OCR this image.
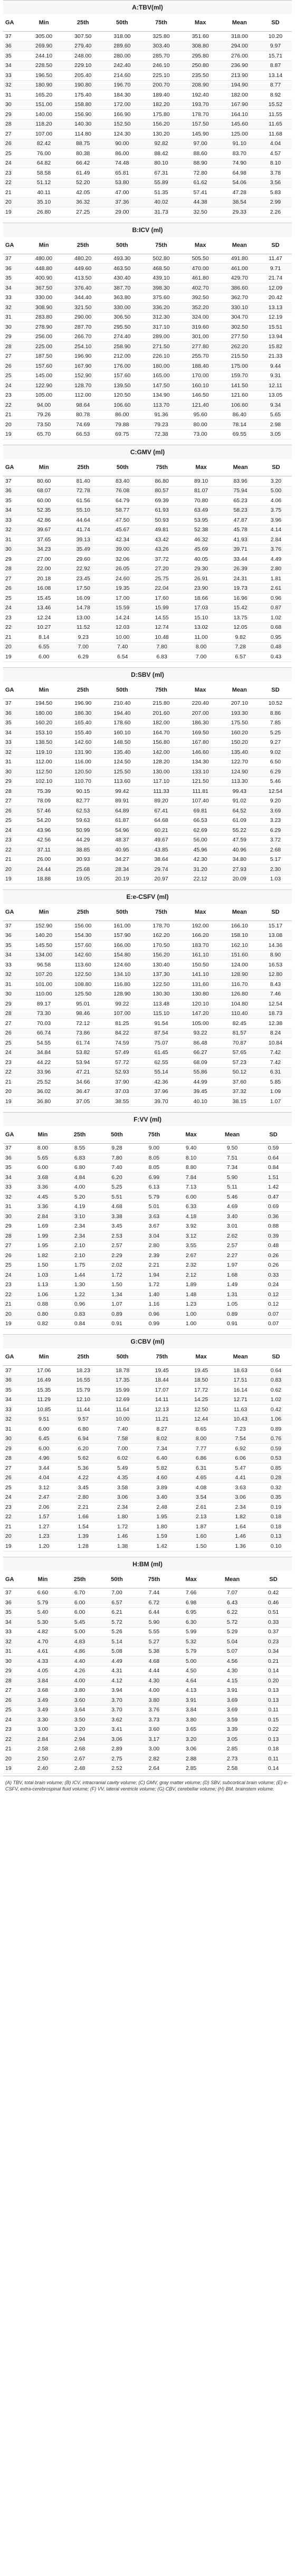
A:TBV(ml)
GA	Min	25th	50th	75th	Max	Mean	SD
37	305.00	307.50	318.00	325.80	351.60	318.00	10.20
36	269.90	279.40	289.60	303.40	308.80	294.00	9.97
35	244.10	248.00	280.00	285.70	295.80	276.00	15.71
34	228.50	229.10	242.40	246.10	250.80	236.90	8.87
33	196.50	205.40	214.60	225.10	235.50	213.90	13.14
32	180.90	190.80	196.70	200.70	208.90	194.90	8.77
31	165.20	175.40	184.30	189.40	192.40	182.00	8.92
30	151.00	158.80	172.00	182.20	193.70	167.90	15.52
29	140.00	156.90	166.90	175.80	178.70	164.10	11.55
28	118.20	140.30	152.50	156.20	157.50	145.60	11.65
27	107.00	114.80	124.30	130.20	145.90	125.00	11.68
26	82.42	88.75	90.00	92.82	97.00	91.10	4.04
25	76.00	80.38	86.00	88.42	88.60	83.70	4.57
24	64.82	66.42	74.48	80.10	88.90	74.90	8.10
23	58.58	61.49	65.81	67.31	72.80	64.98	3.78
22	51.12	52.20	53.80	55.89	61.62	54.06	3.56
21	40.11	42.05	47.00	51.35	57.41	47.28	5.83
20	35.10	36.32	37.36	40.02	44.38	38.54	2.99
19	26.80	27.25	29.00	31.73	32.50	29.33	2.26
B:ICV (ml)
GA	Min	25th	50th	75th	Max	Mean	SD
37	480.00	480.20	493.30	502.80	505.50	491.80	11.47
36	448.80	449.60	463.50	468.50	470.00	461.00	9.71
35	400.90	413.50	430.40	439.10	461.80	429.70	21.74
34	367.50	376.40	387.70	398.30	402.70	386.60	12.09
33	330.00	344.40	363.80	375.60	392.50	362.70	20.42
32	308.90	321.50	330.00	336.20	352.20	330.10	13.13
31	283.80	290.00	306.50	312.30	324.00	304.70	12.19
30	278.90	287.70	295.50	317.10	319.60	302.50	15.51
29	256.00	266.70	274.40	289.00	301.00	277.50	13.94
28	225.00	254.10	258.90	271.50	277.80	262.20	15.82
27	187.50	196.90	212.00	226.10	255.70	215.50	21.33
26	157.60	167.90	176.00	180.00	188.40	175.00	9.44
25	145.00	152.90	157.60	165.00	170.00	159.70	9.31
24	122.90	128.70	139.50	147.50	160.10	141.50	12.11
23	105.00	112.00	120.50	134.90	146.50	121.60	13.05
22	94.00	98.64	106.60	113.70	121.40	106.60	9.34
21	79.26	80.78	86.00	91.36	95.60	86.40	5.65
20	73.50	74.69	79.88	79.23	80.00	78.14	2.98
19	65.70	66.53	69.75	72.38	73.00	69.55	3.05
C:GMV (ml)
GA	Min	25th	50th	75th	Max	Mean	SD
37	80.60	81.40	83.40	86.80	89.10	83.96	3.20
36	68.07	72.78	76.08	80.57	81.07	75.94	5.00
35	60.00	61.56	64.79	69.39	70.80	65.23	4.06
34	52.35	55.10	58.77	61.93	63.49	58.23	3.75
33	42.86	44.64	47.50	50.93	53.95	47.87	3.96
32	39.67	41.74	45.67	49.81	52.38	45.78	4.14
31	37.65	39.13	42.34	43.42	46.32	41.93	2.84
30	34.23	35.49	39.00	43.26	45.69	39.71	3.76
29	27.00	29.60	32.06	37.72	40.05	33.44	4.49
28	22.00	22.92	26.05	27.20	29.30	26.39	2.80
27	20.18	23.45	24.60	25.75	26.91	24.31	1.81
26	16.08	17.50	19.35	22.04	23.90	19.73	2.61
25	15.45	16.09	17.00	17.60	18.66	16.96	0.96
24	13.46	14.78	15.59	15.99	17.03	15.42	0.87
23	12.24	13.00	14.24	14.55	15.10	13.75	1.02
22	10.27	11.52	12.03	12.74	13.02	12.05	0.68
21	8.14	9.23	10.00	10.48	11.00	9.82	0.95
20	6.55	7.00	7.40	7.80	8.00	7.28	0.48
19	6.00	6.29	6.54	6.83	7.00	6.57	0.43
D:SBV (ml)
GA	Min	25th	50th	75th	Max	Mean	SD
37	194.50	196.90	210.40	215.80	220.40	207.10	10.52
36	180.00	186.30	194.40	201.60	207.00	193.30	8.86
35	160.20	165.40	178.60	182.00	186.30	175.50	7.85
34	153.10	155.40	160.10	164.70	169.50	160.20	5.25
33	138.50	142.60	148.50	156.80	167.80	150.20	9.27
32	119.10	131.90	135.40	142.00	146.60	135.40	9.02
31	112.00	116.00	124.50	128.20	134.30	122.70	6.50
30	112.50	120.50	125.50	130.00	133.10	124.90	6.29
29	102.10	110.70	113.60	117.10	121.50	113.30	5.46
28	75.39	90.15	99.42	111.33	111.81	99.43	12.54
27	78.09	82.77	89.91	89.20	107.40	91.02	9.20
26	57.46	62.53	64.89	67.41	69.81	64.52	3.69
25	54.20	59.63	61.87	64.68	66.53	61.09	3.23
24	43.96	50.99	54.96	60.21	62.69	55.22	6.29
23	42.56	44.29	48.37	49.67	56.00	47.59	3.72
22	37.11	38.85	40.95	43.85	45.96	40.96	2.68
21	26.00	30.93	34.27	38.64	42.30	34.80	5.17
20	24.44	25.68	28.34	29.74	31.20	27.93	2.30
19	18.88	19.05	20.19	20.97	22.12	20.09	1.03
E:e-CSFV (ml)
GA	Min	25th	50th	75th	Max	Mean	SD
37	152.90	156.00	161.00	178.70	192.00	166.10	15.17
36	140.20	154.30	157.90	162.20	166.20	158.10	13.08
35	145.50	157.60	166.00	170.50	183.70	162.10	14.36
34	134.00	142.60	154.80	156.20	161.10	151.60	8.90
33	96.58	113.60	124.60	130.40	150.50	124.00	16.53
32	107.20	122.50	134.10	137.30	141.10	128.90	12.80
31	101.00	108.80	116.80	122.50	131.60	116.70	8.43
30	110.00	125.50	128.90	130.30	130.80	126.80	7.46
29	89.17	95.01	99.22	113.48	120.10	104.80	12.54
28	73.30	98.46	107.00	115.10	147.20	110.40	18.73
27	70.03	72.12	81.25	91.54	105.00	82.45	12.38
26	66.74	73.86	84.22	87.54	93.22	81.57	8.24
25	54.55	61.74	74.59	75.07	86.48	70.87	10.84
24	34.84	53.82	57.49	61.45	66.27	57.65	7.42
23	44.22	53.94	57.72	62.55	68.09	57.23	7.42
22	33.96	47.21	52.93	55.14	55.86	50.12	6.31
21	25.52	34.66	37.90	42.36	44.99	37.60	5.85
20	36.02	36.47	37.03	37.96	39.45	37.32	1.09
19	36.80	37.05	38.55	39.70	40.10	38.15	1.07
F:VV (ml)
GA	Min	25th	50th	75th	Max	Mean	SD
37	8.00	8.55	9.28	9.00	9.40	9.50	0.59
36	5.65	6.83	7.80	8.05	8.10	7.51	0.64
35	6.00	6.80	7.40	8.05	8.80	7.34	0.84
34	3.68	4.84	6.20	6.99	7.84	5.90	1.51
33	3.36	4.00	5.25	6.13	7.13	5.11	1.42
32	4.45	5.20	5.51	5.79	6.00	5.46	0.47
31	3.36	4.19	4.68	5.01	6.33	4.69	0.69
30	2.84	3.10	3.38	3.63	4.18	3.40	0.36
29	1.69	2.34	3.45	3.67	3.92	3.01	0.88
28	1.99	2.34	2.53	3.04	3.12	2.62	0.39
27	1.95	2.10	2.57	2.80	3.55	2.57	0.48
26	1.82	2.10	2.29	2.39	2.67	2.27	0.26
25	1.50	1.75	2.02	2.21	2.32	1.97	0.26
24	1.03	1.44	1.72	1.94	2.12	1.68	0.33
23	1.13	1.30	1.50	1.72	1.89	1.49	0.24
22	1.06	1.22	1.34	1.40	1.48	1.31	0.12
21	0.88	0.96	1.07	1.16	1.23	1.05	0.12
20	0.80	0.83	0.89	0.96	1.00	0.89	0.07
19	0.82	0.84	0.91	0.99	1.00	0.91	0.07
G:CBV (ml)
GA	Min	25th	50th	75th	Max	Mean	SD
37	17.06	18.23	18.78	19.45	19.45	18.63	0.64
36	16.49	16.55	17.35	18.44	18.50	17.51	0.83
35	15.35	15.79	15.99	17.07	17.72	16.14	0.62
34	11.29	12.10	12.69	14.11	14.25	12.71	1.02
33	10.85	11.44	11.64	12.13	12.50	11.63	0.42
32	9.51	9.57	10.00	11.21	12.44	10.43	1.06
31	6.00	6.80	7.40	8.27	8.65	7.23	0.89
30	6.45	6.94	7.58	8.02	8.00	7.54	0.76
29	6.00	6.20	7.00	7.34	7.77	6.92	0.59
28	4.96	5.62	6.02	6.40	6.86	6.06	0.53
27	3.44	5.36	5.49	5.82	6.31	5.47	0.85
26	4.04	4.22	4.35	4.60	4.65	4.41	0.28
25	3.12	3.45	3.58	3.89	4.08	3.63	0.32
24	2.47	2.80	3.06	3.40	3.54	3.06	0.35
23	2.06	2.21	2.34	2.48	2.61	2.34	0.19
22	1.57	1.66	1.80	1.95	2.13	1.82	0.18
21	1.27	1.54	1.72	1.80	1.87	1.64	0.18
20	1.23	1.39	1.46	1.59	1.60	1.46	0.13
19	1.20	1.28	1.38	1.42	1.50	1.36	0.10
H:BM (ml)
GA	Min	25th	50th	75th	Max	Mean	SD
37	6.60	6.70	7.00	7.44	7.66	7.07	0.42
36	5.79	6.00	6.57	6.72	6.98	6.43	0.46
35	5.40	6.00	6.21	6.44	6.95	6.22	0.51
34	5.30	5.45	5.72	5.90	6.30	5.72	0.33
33	4.82	5.00	5.26	5.55	5.99	5.29	0.37
32	4.70	4.83	5.14	5.27	5.32	5.04	0.23
31	4.61	4.86	5.08	5.38	5.79	5.07	0.34
30	4.33	4.40	4.49	4.68	5.00	4.56	0.21
29	4.05	4.26	4.31	4.44	4.50	4.30	0.14
28	3.84	4.00	4.12	4.30	4.64	4.15	0.20
27	3.68	3.80	3.94	4.00	4.13	3.91	0.13
26	3.49	3.60	3.70	3.80	3.91	3.69	0.13
25	3.49	3.64	3.70	3.76	3.84	3.69	0.11
24	3.30	3.50	3.62	3.73	3.80	3.59	0.15
23	3.00	3.20	3.41	3.60	3.65	3.39	0.22
22	2.84	2.94	3.06	3.17	3.20	3.05	0.13
21	2.58	2.68	2.89	3.00	3.06	2.85	0.18
20	2.50	2.67	2.75	2.82	2.88	2.73	0.11
19	2.40	2.48	2.52	2.64	2.85	2.58	0.14
(A) TBV, total brain volume; (B) ICV, intracranial cavity volume; (C) GMV, gray matter volume; (D) SBV, subcortical brain volume; (E) e-CSFV, extra-cerebrospinal fluid volume; (F) VV, lateral ventricle volume; (G) CBV, cerebellar volume; (H) BM, brainstem volume.
